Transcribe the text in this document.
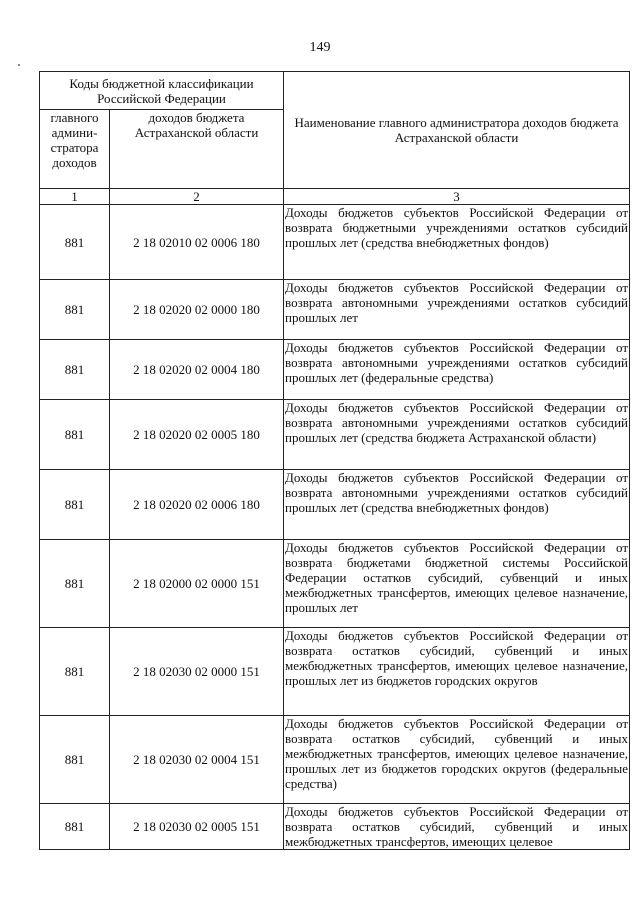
149
Коды бюджетной классификации Российской Федерации		Наименование главного администратора доходов бюджета Астраханской области
главного админи-стратора доходов	доходов бюджета Астраханской области	
1	2	3
881	2 18 02010 02 0006 180	Доходы бюджетов субъектов Российской Федерации от возврата бюджетными учреждениями остатков субсидий прошлых лет (средства внебюджетных фондов)
881	2 18 02020 02 0000 180	Доходы бюджетов субъектов Российской Федерации от возврата автономными учреждениями остатков субсидий прошлых лет
881	2 18 02020 02 0004 180	Доходы бюджетов субъектов Российской Федерации от возврата автономными учреждениями остатков субсидий прошлых лет (федеральные средства)
881	2 18 02020 02 0005 180	Доходы бюджетов субъектов Российской Федерации от возврата автономными учреждениями остатков субсидий прошлых лет (средства бюджета Астраханской области)
881	2 18 02020 02 0006 180	Доходы бюджетов субъектов Российской Федерации от возврата автономными учреждениями остатков субсидий прошлых лет (средства внебюджетных фондов)
881	2 18 02000 02 0000 151	Доходы бюджетов субъектов Российской Федерации от возврата бюджетами бюджетной системы Российской Федерации остатков субсидий, субвенций и иных межбюджетных трансфертов, имеющих целевое назначение, прошлых лет
881	2 18 02030 02 0000 151	Доходы бюджетов субъектов Российской Федерации от возврата остатков субсидий, субвенций и иных межбюджетных трансфертов, имеющих целевое назначение, прошлых лет из бюджетов городских округов
881	2 18 02030 02 0004 151	Доходы бюджетов субъектов Российской Федерации от возврата остатков субсидий, субвенций и иных межбюджетных трансфертов, имеющих целевое назначение, прошлых лет из бюджетов городских округов (федеральные средства)
881	2 18 02030 02 0005 151	Доходы бюджетов субъектов Российской Федерации от возврата остатков субсидий, субвенций и иных межбюджетных трансфертов, имеющих целевое
